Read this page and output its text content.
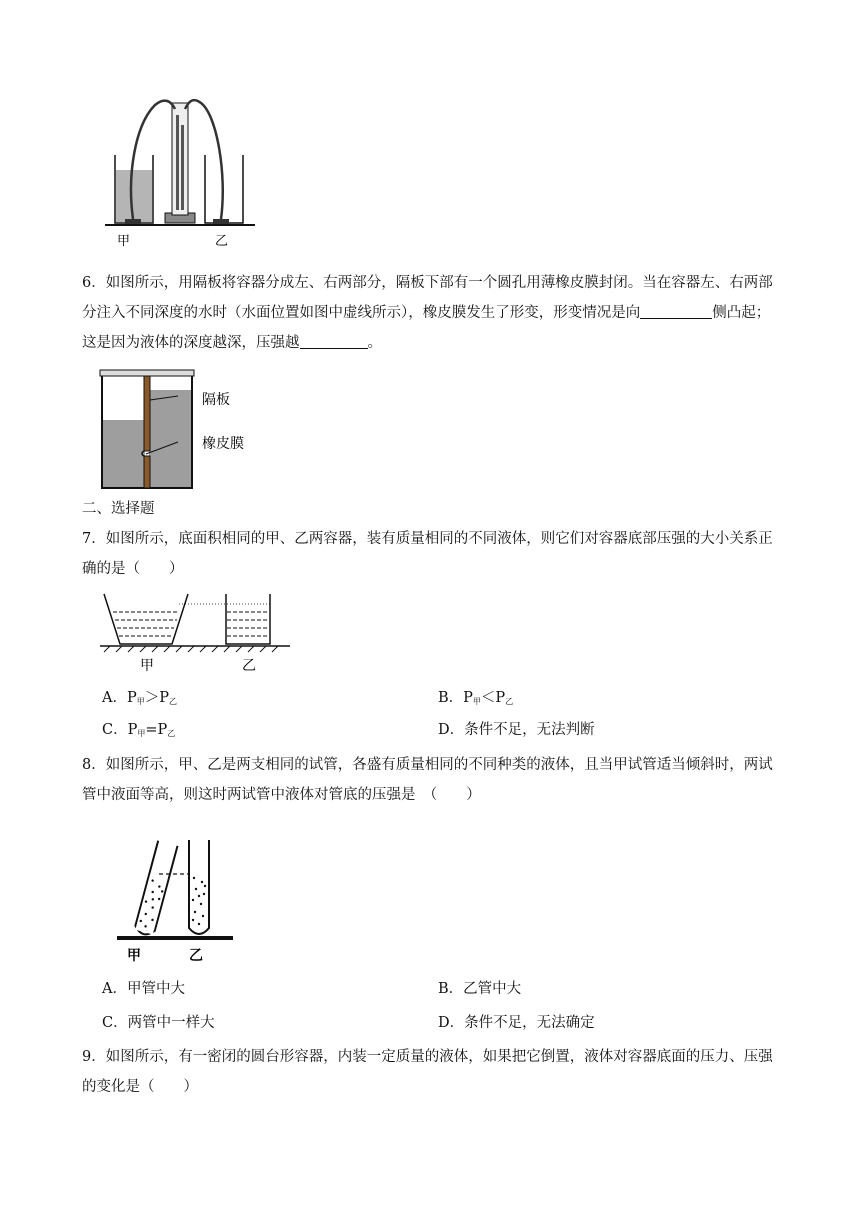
甲	乙

6．如图所示，用隔板将容器分成左、右两部分，隔板下部有一个圆孔用薄橡皮膜封闭。当在容器左、右两部分注入不同深度的水时（水面位置如图中虚线所示），橡皮膜发生了形变，形变情况是向	侧凸起；这是因为液体的深度越深，压强越	。

隔板
橡皮膜

二、选择题

7．如图所示，底面积相同的甲、乙两容器，装有质量相同的不同液体，则它们对容器底部压强的大小关系正确的是（　　）

甲	乙
A．$P_甲>P_乙$	B．$P_甲<P_乙$
C．$P_甲=P_乙$	D．条件不足，无法判断

8．如图所示，甲、乙是两支相同的试管，各盛有质量相同的不同种类的液体，且当甲试管适当倾斜时，两试管中液面等高，则这时两试管中液体对管底的压强是　（　　）

甲	乙
A．甲管中大	B．乙管中大
C．两管中一样大	D．条件不足，无法确定

9．如图所示，有一密闭的圆台形容器，内装一定质量的液体，如果把它倒置，液体对容器底面的压力、压强的变化是（　　）
